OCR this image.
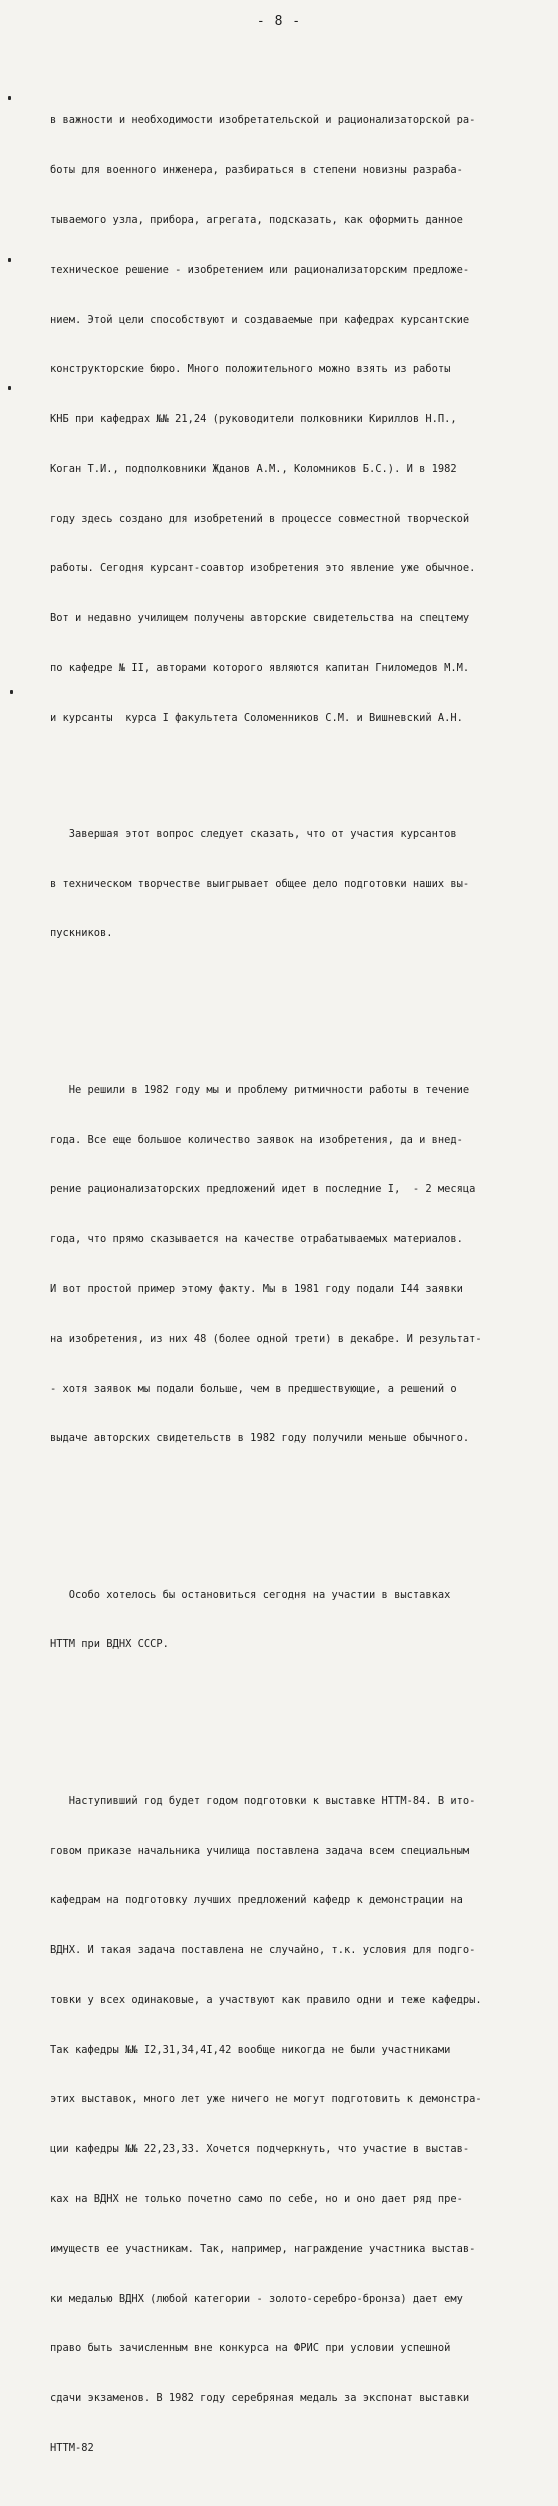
- 8 -

в важности и необходимости изобретательской и рационализаторской ра-

боты для военного инженера, разбираться в степени новизны разраба-

тываемого узла, прибора, агрегата, подсказать, как оформить данное

техническое решение - изобретением или рационализаторским предложе-

нием. Этой цели способствуют и создаваемые при кафедрах курсантские

конструкторские бюро. Много положительного можно взять из работы

КНБ при кафедрах №№ 21,24 (руководители полковники Кириллов Н.П.,

Коган Т.И., подполковники Жданов А.М., Коломников Б.С.). И в 1982

году здесь создано для изобретений в процессе совместной творческой

работы. Сегодня курсант-соавтор изобретения это явление уже обычное.

Вот и недавно училищем получены авторские свидетельства на спецтему

по кафедре № II, авторами которого являются капитан Гниломедов М.М.

и курсанты  курса I факультета Соломенников С.М. и Вишневский А.Н.

Завершая этот вопрос следует сказать, что от участия курсантов

в техническом творчестве выигрывает общее дело подготовки наших вы-

пускников.

Не решили в 1982 году мы и проблему ритмичности работы в течение

года. Все еще большое количество заявок на изобретения, да и внед-

рение рационализаторских предложений идет в последние I,  - 2 месяца

года, что прямо сказывается на качестве отрабатываемых материалов.

И вот простой пример этому факту. Мы в 1981 году подали I44 заявки

на изобретения, из них 48 (более одной трети) в декабре. И результат-

- хотя заявок мы подали больше, чем в предшествующие, а решений о

выдаче авторских свидетельств в 1982 году получили меньше обычного.

Особо хотелось бы остановиться сегодня на участии в выставках

НТТМ при ВДНХ СССР.

Наступивший год будет годом подготовки к выставке НТТМ-84. В ито-

говом приказе начальника училища поставлена задача всем специальным

кафедрам на подготовку лучших предложений кафедр к демонстрации на

ВДНХ. И такая задача поставлена не случайно, т.к. условия для подго-

товки у всех одинаковые, а участвуют как правило одни и теже кафедры.

Так кафедры №№ I2,31,34,4I,42 вообще никогда не были участниками

этих выставок, много лет уже ничего не могут подготовить к демонстра-

ции кафедры №№ 22,23,33. Хочется подчеркнуть, что участие в выстав-

ках на ВДНХ не только почетно само по себе, но и оно дает ряд пре-

имуществ ее участникам. Так, например, награждение участника выстав-

ки медалью ВДНХ (любой категории - золото-серебро-бронза) дает ему

право быть зачисленным вне конкурса на ФРИС при условии успешной

сдачи экзаменов. В 1982 году серебряная медаль за экспонат выставки

НТТМ-82
